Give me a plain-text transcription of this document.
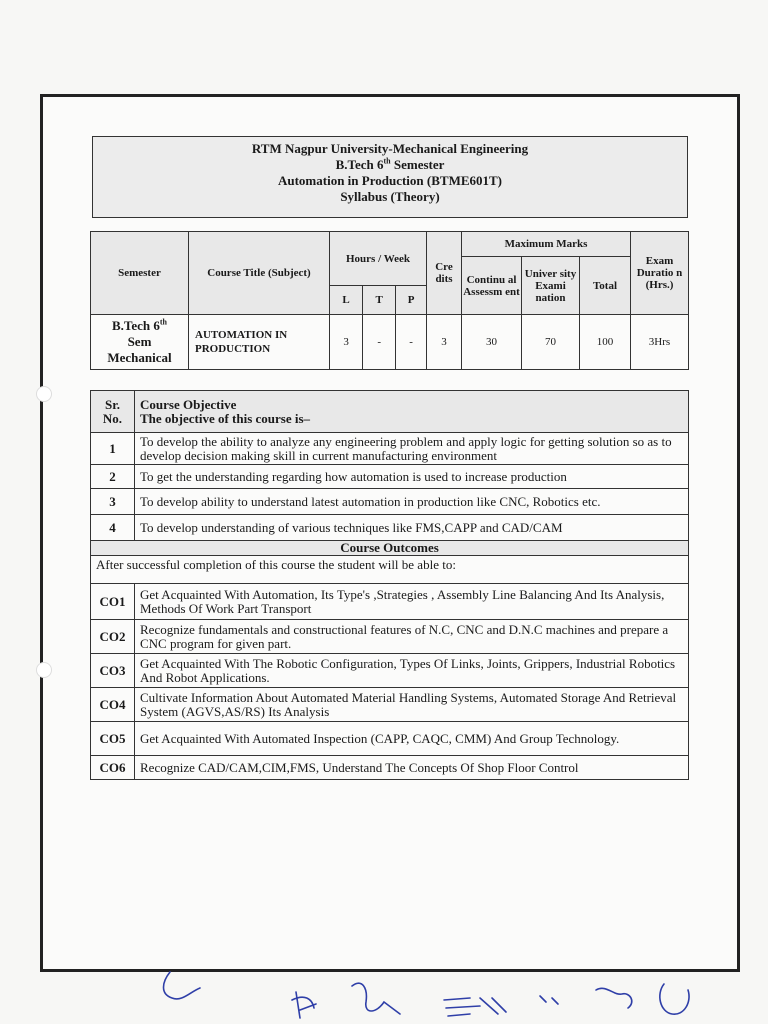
RTM Nagpur University-Mechanical Engineering
B.Tech 6th Semester
Automation in Production (BTME601T)
Syllabus (Theory)
Semester	Course Title (Subject)	Hours / Week			Cre dits	Maximum Marks			Exam Duratio n (Hrs.)
						Continu al Assessm ent	Univer sity Exami nation	Total	
		L	T	P					
B.Tech 6th
Sem
Mechanical	AUTOMATION IN PRODUCTION	3	-	-	3	30	70	100	3Hrs
Sr. No.	Course Objective
The objective of this course is–

1	To develop the ability to analyze any engineering problem and apply logic for getting solution so as to develop decision making skill in current manufacturing environment
2	To get the understanding regarding how automation is used to increase production
3	To develop ability to understand latest automation in production like CNC, Robotics etc.
4	To develop understanding of various techniques like FMS,CAPP and CAD/CAM
Course Outcomes	
After successful completion of this course the student will be able to:	
CO1	Get Acquainted With Automation, Its Type's ,Strategies , Assembly Line Balancing And Its Analysis, Methods Of Work Part Transport
CO2	Recognize fundamentals and constructional features of N.C, CNC and D.N.C machines and prepare a CNC program for given part.
CO3	Get Acquainted With The Robotic Configuration, Types Of Links, Joints, Grippers, Industrial Robotics And Robot Applications.
CO4	Cultivate Information About Automated Material Handling Systems, Automated Storage And Retrieval System (AGVS,AS/RS) Its Analysis
CO5	Get Acquainted With Automated Inspection (CAPP, CAQC, CMM) And Group Technology.
CO6	Recognize CAD/CAM,CIM,FMS, Understand The Concepts Of Shop Floor Control
